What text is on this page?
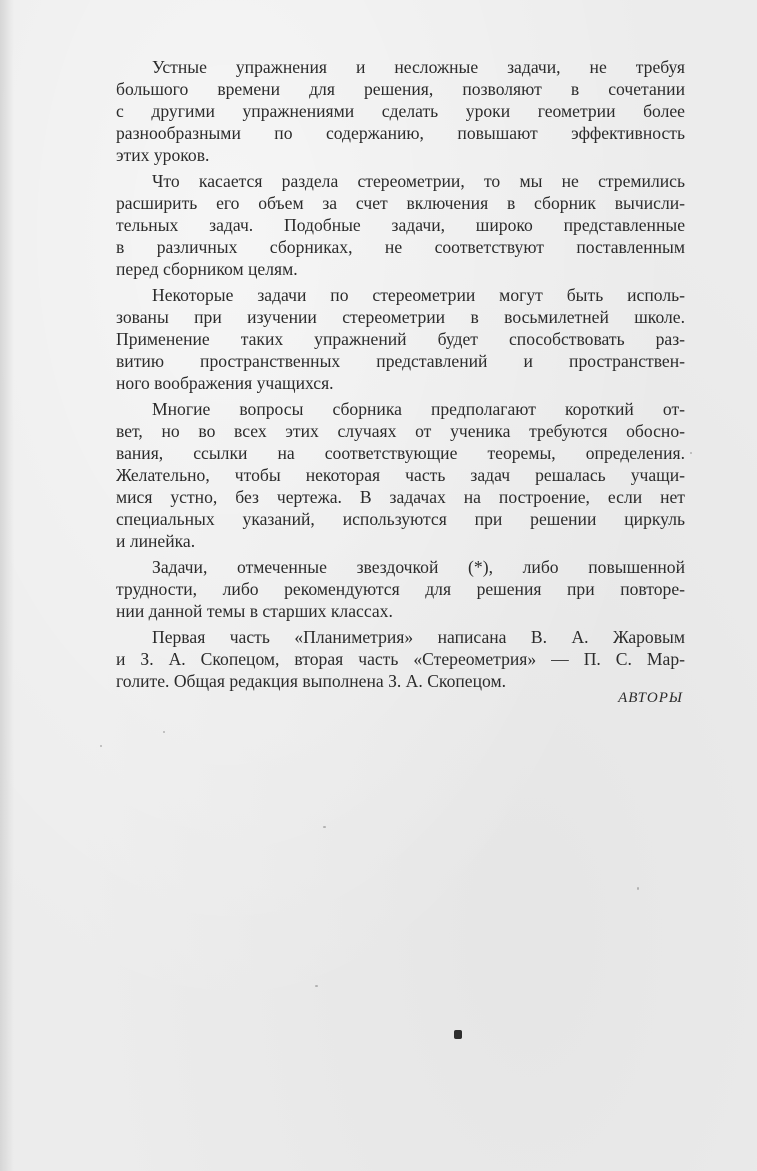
Устные упражнения и несложные задачи, не требуя
большого времени для решения, позволяют в сочетании
с другими упражнениями сделать уроки геометрии более
разнообразными по содержанию, повышают эффективность
этих уроков.
Что касается раздела стереометрии, то мы не стремились
расширить его объем за счет включения в сборник вычисли-
тельных задач. Подобные задачи, широко представленные
в различных сборниках, не соответствуют поставленным
перед сборником целям.
Некоторые задачи по стереометрии могут быть исполь-
зованы при изучении стереометрии в восьмилетней школе.
Применение таких упражнений будет способствовать раз-
витию пространственных представлений и пространствен-
ного воображения учащихся.
Многие вопросы сборника предполагают короткий от-
вет, но во всех этих случаях от ученика требуются обосно-
вания, ссылки на соответствующие теоремы, определения.
Желательно, чтобы некоторая часть задач решалась учащи-
мися устно, без чертежа. В задачах на построение, если нет
специальных указаний, используются при решении циркуль
и линейка.
Задачи, отмеченные звездочкой (*), либо повышенной
трудности, либо рекомендуются для решения при повторе-
нии данной темы в старших классах.
Первая часть «Планиметрия» написана В. А. Жаровым
и З. А. Скопецом, вторая часть «Стереометрия» — П. С. Мар-
голите. Общая редакция выполнена З. А. Скопецом.
АВТОРЫ
